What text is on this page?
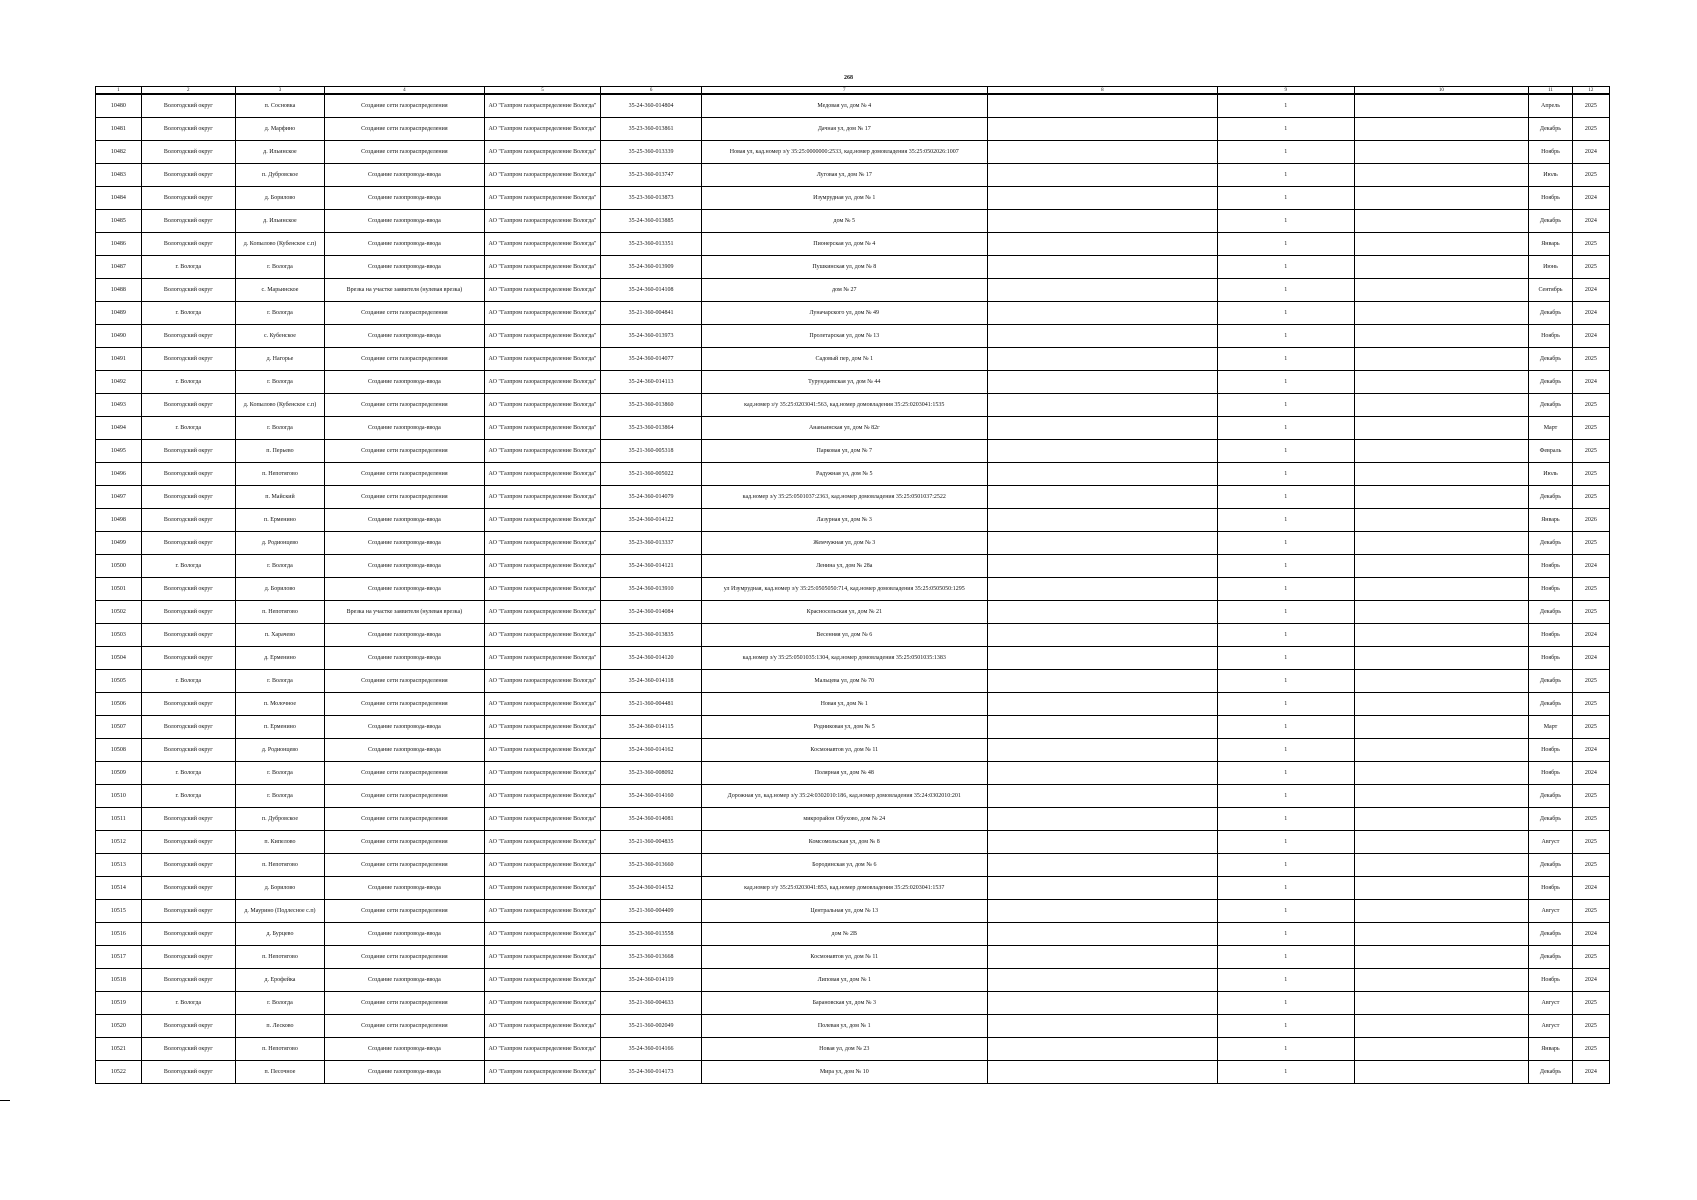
268
1	2	3	4	5	6	7	8	9	10	11	12
10480	Вологодский округ	п. Сосновка	Создание сети газораспределения	АО "Газпром газораспределение Вологда"	35-24-360-014804	Медовая ул, дом № 4		1		Апрель	2025
10481	Вологодский округ	д. Марфино	Создание сети газораспределения	АО "Газпром газораспределение Вологда"	35-23-360-013861	Дачная ул, дом № 17		1		Декабрь	2025
10482	Вологодский округ	д. Ильинское	Создание сети газораспределения	АО "Газпром газораспределение Вологда"	35-25-360-013339	Новая ул, кад.номер з/у 35:25:0000000:2533, кад.номер домовладения 35:25:0502026:1007		1		Ноябрь	2024
10483	Вологодский округ	п. Дубровское	Создание газопровода-ввода	АО "Газпром газораспределение Вологда"	35-23-360-013747	Луговая ул, дом № 17		1		Июль	2025
10484	Вологодский округ	д. Борилово	Создание газопровода-ввода	АО "Газпром газораспределение Вологда"	35-23-360-013873	Изумрудная ул, дом № 1		1		Ноябрь	2024
10485	Вологодский округ	д. Ильинское	Создание газопровода-ввода	АО "Газпром газораспределение Вологда"	35-24-360-013885	дом № 5		1		Декабрь	2024
10486	Вологодский округ	д. Копылово (Кубенское с.п)	Создание газопровода-ввода	АО "Газпром газораспределение Вологда"	35-23-360-013351	Пионерская ул, дом № 4		1		Январь	2025
10487	г. Вологда	г. Вологда	Создание газопровода-ввода	АО "Газпром газораспределение Вологда"	35-24-360-013909	Пушкинская ул, дом № 8		1		Июнь	2025
10488	Вологодский округ	с. Марьинское	Врезка на участке заявителя (нулевая врезка)	АО "Газпром газораспределение Вологда"	35-24-360-014108	дом № 27		1		Сентябрь	2024
10489	г. Вологда	г. Вологда	Создание сети газораспределения	АО "Газпром газораспределение Вологда"	35-21-360-004841	Луначарского ул, дом № 49		1		Декабрь	2024
10490	Вологодский округ	с. Кубенское	Создание газопровода-ввода	АО "Газпром газораспределение Вологда"	35-24-360-013973	Пролетарская ул, дом № 13		1		Ноябрь	2024
10491	Вологодский округ	д. Нагорье	Создание сети газораспределения	АО "Газпром газораспределение Вологда"	35-24-360-014077	Садовый пер, дом № 1		1		Декабрь	2025
10492	г. Вологда	г. Вологда	Создание газопровода-ввода	АО "Газпром газораспределение Вологда"	35-24-360-014113	Турундаевская ул, дом № 44		1		Декабрь	2024
10493	Вологодский округ	д. Копылово (Кубенское с.п)	Создание сети газораспределения	АО "Газпром газораспределение Вологда"	35-23-360-013860	кад.номер з/у 35:25:0203041:563, кад.номер домовладения 35:25:0203041:1535		1		Декабрь	2025
10494	г. Вологда	г. Вологда	Создание газопровода-ввода	АО "Газпром газораспределение Вологда"	35-23-360-013864	Ананьинская ул, дом № 82г		1		Март	2025
10495	Вологодский округ	п. Перьево	Создание сети газораспределения	АО "Газпром газораспределение Вологда"	35-21-360-005318	Парковая ул, дом № 7		1		Февраль	2025
10496	Вологодский округ	п. Непотягово	Создание сети газораспределения	АО "Газпром газораспределение Вологда"	35-21-360-005022	Радужная ул, дом № 5		1		Июль	2025
10497	Вологодский округ	п. Майский	Создание сети газораспределения	АО "Газпром газораспределение Вологда"	35-24-360-014079	кад.номер з/у 35:25:0501037:2363, кад.номер домовладения 35:25:0501037:2522		1		Декабрь	2025
10498	Вологодский округ	п. Ерменино	Создание газопровода-ввода	АО "Газпром газораспределение Вологда"	35-24-360-014122	Лазурная ул, дом № 3		1		Январь	2026
10499	Вологодский округ	д. Родионцево	Создание газопровода-ввода	АО "Газпром газораспределение Вологда"	35-23-360-013337	Жемчужная ул, дом № 3		1		Декабрь	2025
10500	г. Вологда	г. Вологда	Создание газопровода-ввода	АО "Газпром газораспределение Вологда"	35-24-360-014121	Ленина ул, дом № 28а		1		Ноябрь	2024
10501	Вологодский округ	д. Борилово	Создание газопровода-ввода	АО "Газпром газораспределение Вологда"	35-24-360-013910	ул Изумрудная, кад.номер з/у 35:25:0505050:714, кад.номер домовладения 35:25:0505050:1295		1		Ноябрь	2025
10502	Вологодский округ	п. Непотягово	Врезка на участке заявителя (нулевая врезка)	АО "Газпром газораспределение Вологда"	35-24-360-014084	Красносельская ул, дом № 21		1		Декабрь	2025
10503	Вологодский округ	п. Харачево	Создание газопровода-ввода	АО "Газпром газораспределение Вологда"	35-23-360-013835	Весенняя ул, дом № 6		1		Ноябрь	2024
10504	Вологодский округ	д. Ерменино	Создание газопровода-ввода	АО "Газпром газораспределение Вологда"	35-24-360-014120	кад.номер з/у 35:25:0501035:1304, кад.номер домовладения 35:25:0501035:1383		1		Ноябрь	2024
10505	г. Вологда	г. Вологда	Создание сети газораспределения	АО "Газпром газораспределение Вологда"	35-24-360-014118	Мальцева ул, дом № 70		1		Декабрь	2025
10506	Вологодский округ	п. Молочное	Создание сети газораспределения	АО "Газпром газораспределение Вологда"	35-21-360-004481	Новая ул, дом № 1		1		Декабрь	2025
10507	Вологодский округ	п. Ерменино	Создание газопровода-ввода	АО "Газпром газораспределение Вологда"	35-24-360-014115	Родниковая ул, дом № 5		1		Март	2025
10508	Вологодский округ	д. Родионцево	Создание газопровода-ввода	АО "Газпром газораспределение Вологда"	35-24-360-014162	Космонавтов ул, дом № 11		1		Ноябрь	2024
10509	г. Вологда	г. Вологда	Создание сети газораспределения	АО "Газпром газораспределение Вологда"	35-23-360-008092	Полярная ул, дом № 48		1		Ноябрь	2024
10510	г. Вологда	г. Вологда	Создание сети газораспределения	АО "Газпром газораспределение Вологда"	35-24-360-014160	Дорожная ул, кад.номер з/у 35:24:0302010:186, кад.номер домовладения 35:24:0302010:201		1		Декабрь	2025
10511	Вологодский округ	п. Дубровское	Создание сети газораспределения	АО "Газпром газораспределение Вологда"	35-24-360-014081	микрорайон Обухово, дом № 24		1		Декабрь	2025
10512	Вологодский округ	п. Кипелово	Создание сети газораспределения	АО "Газпром газораспределение Вологда"	35-21-360-004835	Комсомольская ул, дом № 8		1		Август	2025
10513	Вологодский округ	п. Непотягово	Создание сети газораспределения	АО "Газпром газораспределение Вологда"	35-23-360-013660	Бородинская ул, дом № 6		1		Декабрь	2025
10514	Вологодский округ	д. Борилово	Создание газопровода-ввода	АО "Газпром газораспределение Вологда"	35-24-360-014152	кад.номер з/у 35:25:0203041:853, кад.номер домовладения 35:25:0203041:1537		1		Ноябрь	2024
10515	Вологодский округ	д. Маурино (Подлесное с.п)	Создание сети газораспределения	АО "Газпром газораспределение Вологда"	35-21-360-004409	Центральная ул, дом № 13		1		Август	2025
10516	Вологодский округ	д. Бурцево	Создание газопровода-ввода	АО "Газпром газораспределение Вологда"	35-23-360-013558	дом № 2В		1		Декабрь	2024
10517	Вологодский округ	п. Непотягово	Создание сети газораспределения	АО "Газпром газораспределение Вологда"	35-23-360-013668	Космонавтов ул, дом № 11		1		Декабрь	2025
10518	Вологодский округ	д. Ерофейка	Создание газопровода-ввода	АО "Газпром газораспределение Вологда"	35-24-360-014119	Липовая ул, дом № 1		1		Ноябрь	2024
10519	г. Вологда	г. Вологда	Создание сети газораспределения	АО "Газпром газораспределение Вологда"	35-21-360-004633	Барановская ул, дом № 3		1		Август	2025
10520	Вологодский округ	п. Лесково	Создание сети газораспределения	АО "Газпром газораспределение Вологда"	35-21-360-002049	Полевая ул, дом № 1		1		Август	2025
10521	Вологодский округ	п. Непотягово	Создание газопровода-ввода	АО "Газпром газораспределение Вологда"	35-24-360-014166	Новая ул, дом № 23		1		Январь	2025
10522	Вологодский округ	п. Песочное	Создание газопровода-ввода	АО "Газпром газораспределение Вологда"	35-24-360-014173	Мира ул, дом № 10		1		Декабрь	2024
